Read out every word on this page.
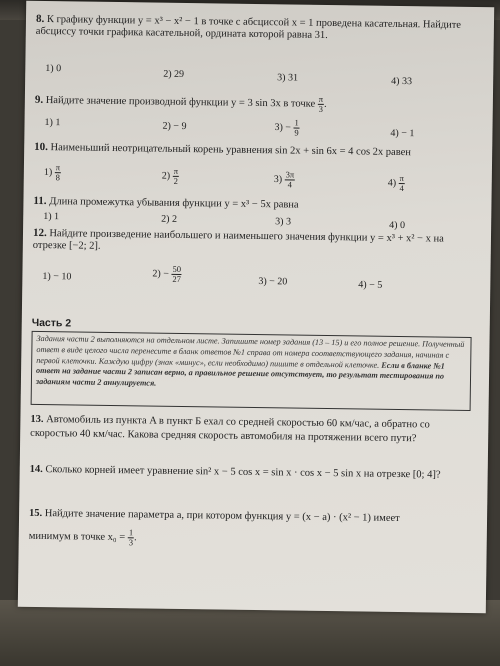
8. К графику функции y = x³ − x² − 1 в точке с абсциссой x = 1 проведена касательная. Найдите абсциссу точки графика касательной, ордината которой равна 31.
1) 0
2) 29	3) 31	4) 33
9. Найдите значение производной функции y = 3 sin 3x в точке $\frac{\pi}{3}$ .
1) 1	2) − 9	$3) - \frac{1}{9}$	4) − 1
10. Наименьший неотрицательный корень уравнения sin 2x + sin 6x = 4 cos 2x равен
$1) \frac{\pi}{8}$	$2) \frac{\pi}{2}$	$3) \frac{3\pi}{4}$	$4) \frac{\pi}{4}$
11. Длина промежутка убывания функции y = x³ − 5x равна
1) 1	2) 2	3) 3	4) 0
12. Найдите произведение наибольшего и наименьшего значения функции y = x³ + x² − x на отрезке [−2; 2].
1) − 10	$2) - \frac{50}{27}$	3) − 20	4) − 5
Часть 2
Задания части 2 выполняются на отдельном листе. Запишите номер задания (13 – 15) и его полное решение. Полученный ответ в виде целого числа перенесите в бланк ответов №1 справа от номера соответствующего задания, начиная с первой клеточки. Каждую цифру (знак «минус», если необходимо) пишите в отдельной клеточке. Если в бланке №1 ответ на задание части 2 записан верно, а правильное решение отсутствует, то результат тестирования по заданиям части 2 аннулируется.
13. Автомобиль из пункта A в пункт Б ехал со средней скоростью 60 км/час, а обратно со скоростью 40 км/час. Какова средняя скорость автомобиля на протяжении всего пути?
14. Сколько корней имеет уравнение sin² x − 5 cos x = sin x · cos x − 5 sin x на отрезке [0; 4]?
15. Найдите значение параметра a, при котором функция y = (x − a) · (x² − 1) имеет
минимум в точке $x_0 = \frac{1}{3}$ .
